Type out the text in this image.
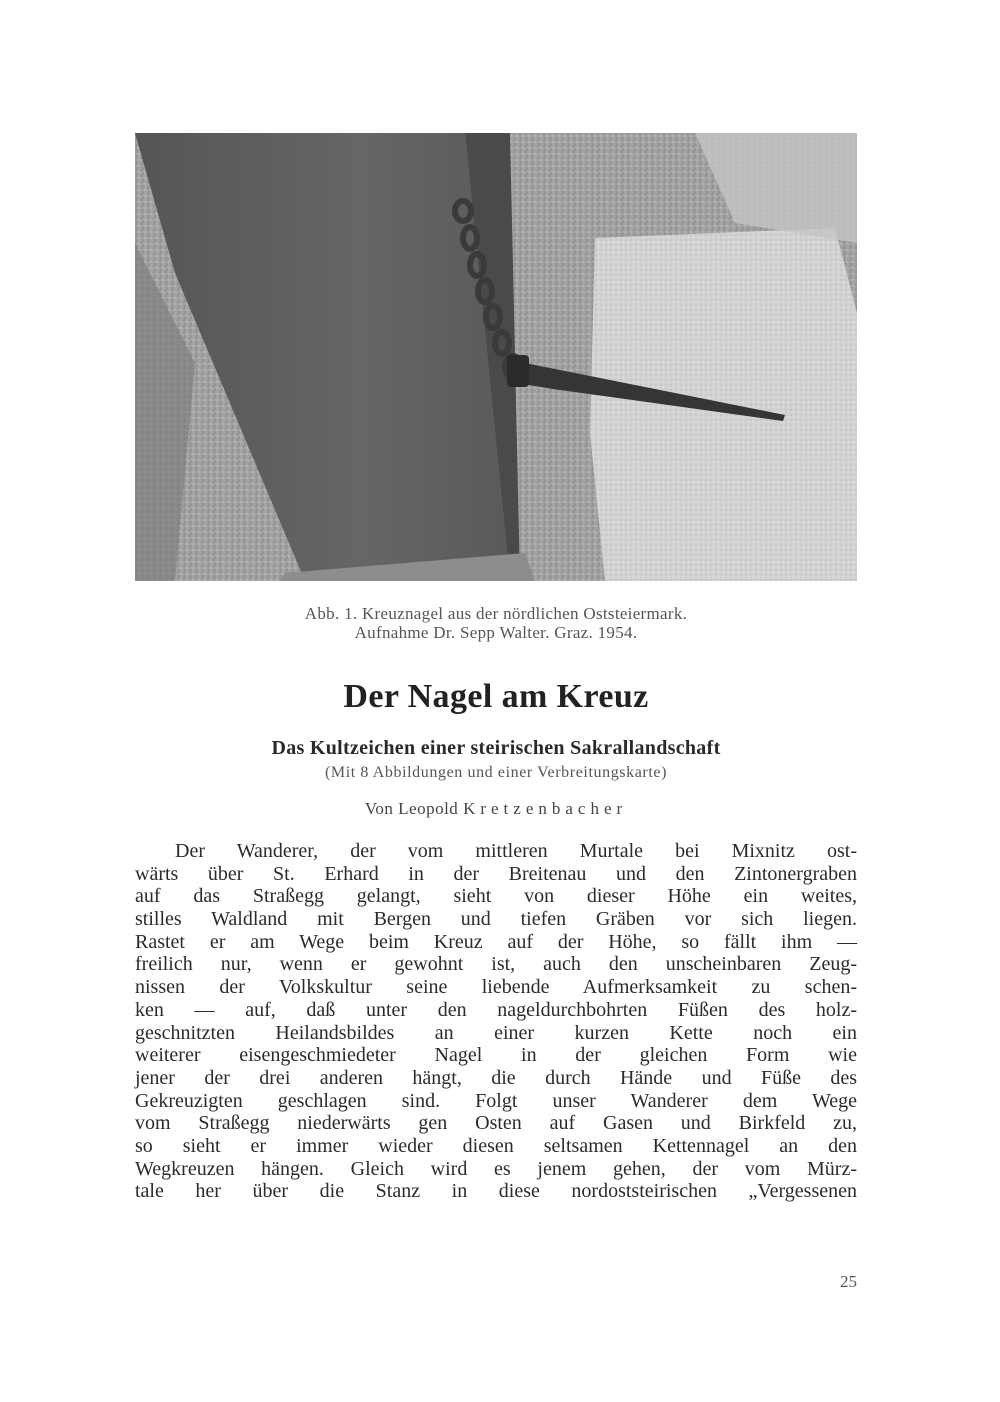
Abb. 1. Kreuznagel aus der nördlichen Oststeiermark.
Aufnahme Dr. Sepp Walter. Graz. 1954.
Der Nagel am Kreuz
Das Kultzeichen einer steirischen Sakrallandschaft
(Mit 8 Abbildungen und einer Verbreitungskarte)
Von Leopold Kretzenbacher
Der Wanderer, der vom mittleren Murtale bei Mixnitz ost-
wärts über St. Erhard in der Breitenau und den Zintonergraben
auf das Straßegg gelangt, sieht von dieser Höhe ein weites,
stilles Waldland mit Bergen und tiefen Gräben vor sich liegen.
Rastet er am Wege beim Kreuz auf der Höhe, so fällt ihm —
freilich nur, wenn er gewohnt ist, auch den unscheinbaren Zeug-
nissen der Volkskultur seine liebende Aufmerksamkeit zu schen-
ken — auf, daß unter den nageldurchbohrten Füßen des holz-
geschnitzten Heilandsbildes an einer kurzen Kette noch ein
weiterer eisengeschmiedeter Nagel in der gleichen Form wie
jener der drei anderen hängt, die durch Hände und Füße des
Gekreuzigten geschlagen sind. Folgt unser Wanderer dem Wege
vom Straßegg niederwärts gen Osten auf Gasen und Birkfeld zu,
so sieht er immer wieder diesen seltsamen Kettennagel an den
Wegkreuzen hängen. Gleich wird es jenem gehen, der vom Mürz-
tale her über die Stanz in diese nordoststeirischen „Vergessenen
25
